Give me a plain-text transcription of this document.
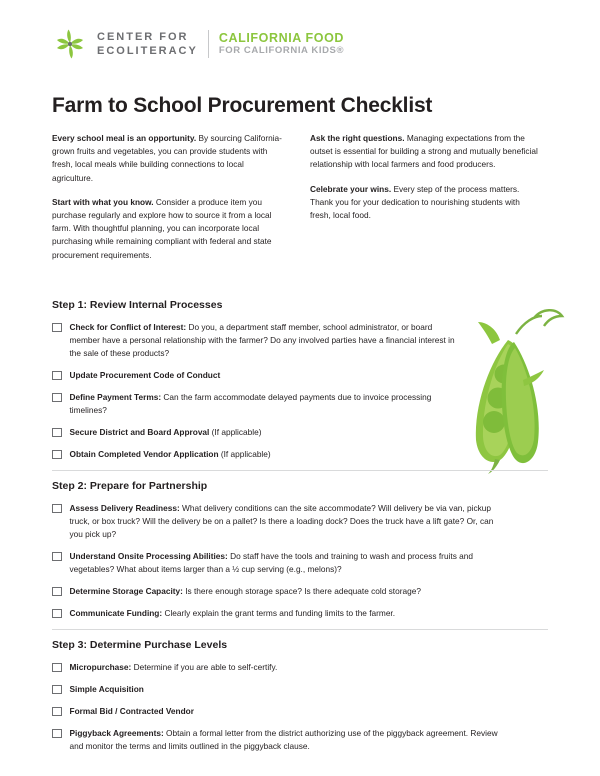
CENTER FOR
ECOLITERACY
CALIFORNIA FOOD
FOR CALIFORNIA KIDS®
Farm to School Procurement Checklist

Every school meal is an opportunity. By sourcing California-grown fruits and vegetables, you can provide students with fresh, local meals while building connections to local agriculture.

Start with what you know. Consider a produce item you purchase regularly and explore how to source it from a local farm. With thoughtful planning, you can incorporate local purchasing while remaining compliant with federal and state procurement requirements.

Ask the right questions. Managing expectations from the outset is essential for building a strong and mutually beneficial relationship with local farmers and food producers.

Celebrate your wins. Every step of the process matters. Thank you for your dedication to nourishing students with fresh, local food.

Step 1: Review Internal Processes
Check for Conflict of Interest: Do you, a department staff member, school administrator, or board member have a personal relationship with the farmer? Do any involved parties have a financial interest in the sale of these products?
Update Procurement Code of Conduct
Define Payment Terms: Can the farm accommodate delayed payments due to invoice processing timelines?
Secure District and Board Approval (If applicable)
Obtain Completed Vendor Application (If applicable)
Step 2: Prepare for Partnership
Assess Delivery Readiness: What delivery conditions can the site accommodate? Will delivery be via van, pickup truck, or box truck? Will the delivery be on a pallet? Is there a loading dock? Does the truck have a lift gate? Or, can you pick up?
Understand Onsite Processing Abilities: Do staff have the tools and training to wash and process fruits and vegetables? What about items larger than a ½ cup serving (e.g., melons)?
Determine Storage Capacity: Is there enough storage space? Is there adequate cold storage?
Communicate Funding: Clearly explain the grant terms and funding limits to the farmer.
Step 3: Determine Purchase Levels
Micropurchase: Determine if you are able to self-certify.
Simple Acquisition
Formal Bid / Contracted Vendor
Piggyback Agreements: Obtain a formal letter from the district authorizing use of the piggyback agreement. Review and monitor the terms and limits outlined in the piggyback clause.
